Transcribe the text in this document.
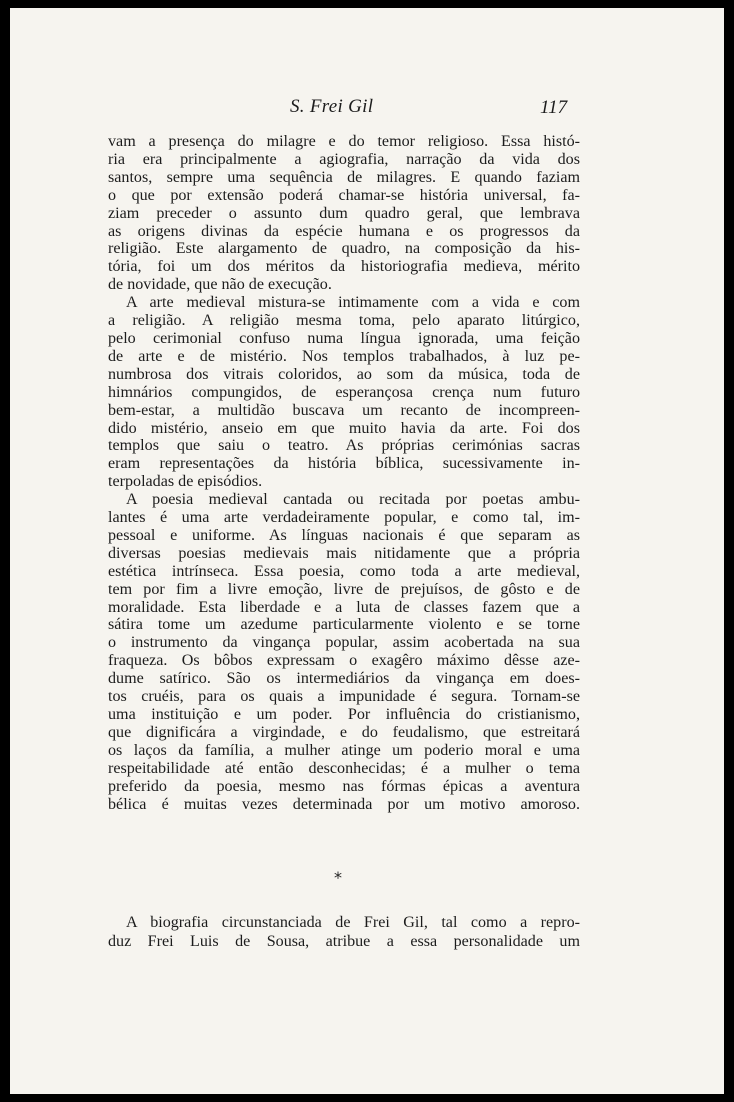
S. Frei Gil	117
vam a presença do milagre e do temor religioso. Essa histó-
ria era principalmente a agiografia, narração da vida dos
santos, sempre uma sequência de milagres. E quando faziam
o que por extensão poderá chamar-se história universal, fa-
ziam preceder o assunto dum quadro geral, que lembrava
as origens divinas da espécie humana e os progressos da
religião. Este alargamento de quadro, na composição da his-
tória, foi um dos méritos da historiografia medieva, mérito
de novidade, que não de execução.
A arte medieval mistura-se intimamente com a vida e com
a religião. A religião mesma toma, pelo aparato litúrgico,
pelo cerimonial confuso numa língua ignorada, uma feição
de arte e de mistério. Nos templos trabalhados, à luz pe-
numbrosa dos vitrais coloridos, ao som da música, toda de
himnários compungidos, de esperançosa crença num futuro
bem-estar, a multidão buscava um recanto de incompreen-
dido mistério, anseio em que muito havia da arte. Foi dos
templos que saiu o teatro. As próprias cerimónias sacras
eram representações da história bíblica, sucessivamente in-
terpoladas de episódios.
A poesia medieval cantada ou recitada por poetas ambu-
lantes é uma arte verdadeiramente popular, e como tal, im-
pessoal e uniforme. As línguas nacionais é que separam as
diversas poesias medievais mais nitidamente que a própria
estética intrínseca. Essa poesia, como toda a arte medieval,
tem por fim a livre emoção, livre de prejuísos, de gôsto e de
moralidade. Esta liberdade e a luta de classes fazem que a
sátira tome um azedume particularmente violento e se torne
o instrumento da vingança popular, assim acobertada na sua
fraqueza. Os bôbos expressam o exagêro máximo dêsse aze-
dume satírico. São os intermediários da vingança em does-
tos cruéis, para os quais a impunidade é segura. Tornam-se
uma instituição e um poder. Por influência do cristianismo,
que dignificára a virgindade, e do feudalismo, que estreitará
os laços da família, a mulher atinge um poderio moral e uma
respeitabilidade até então desconhecidas; é a mulher o tema
preferido da poesia, mesmo nas fórmas épicas a aventura
bélica é muitas vezes determinada por um motivo amoroso.
*
A biografia circunstanciada de Frei Gil, tal como a repro-
duz Frei Luis de Sousa, atribue a essa personalidade um
